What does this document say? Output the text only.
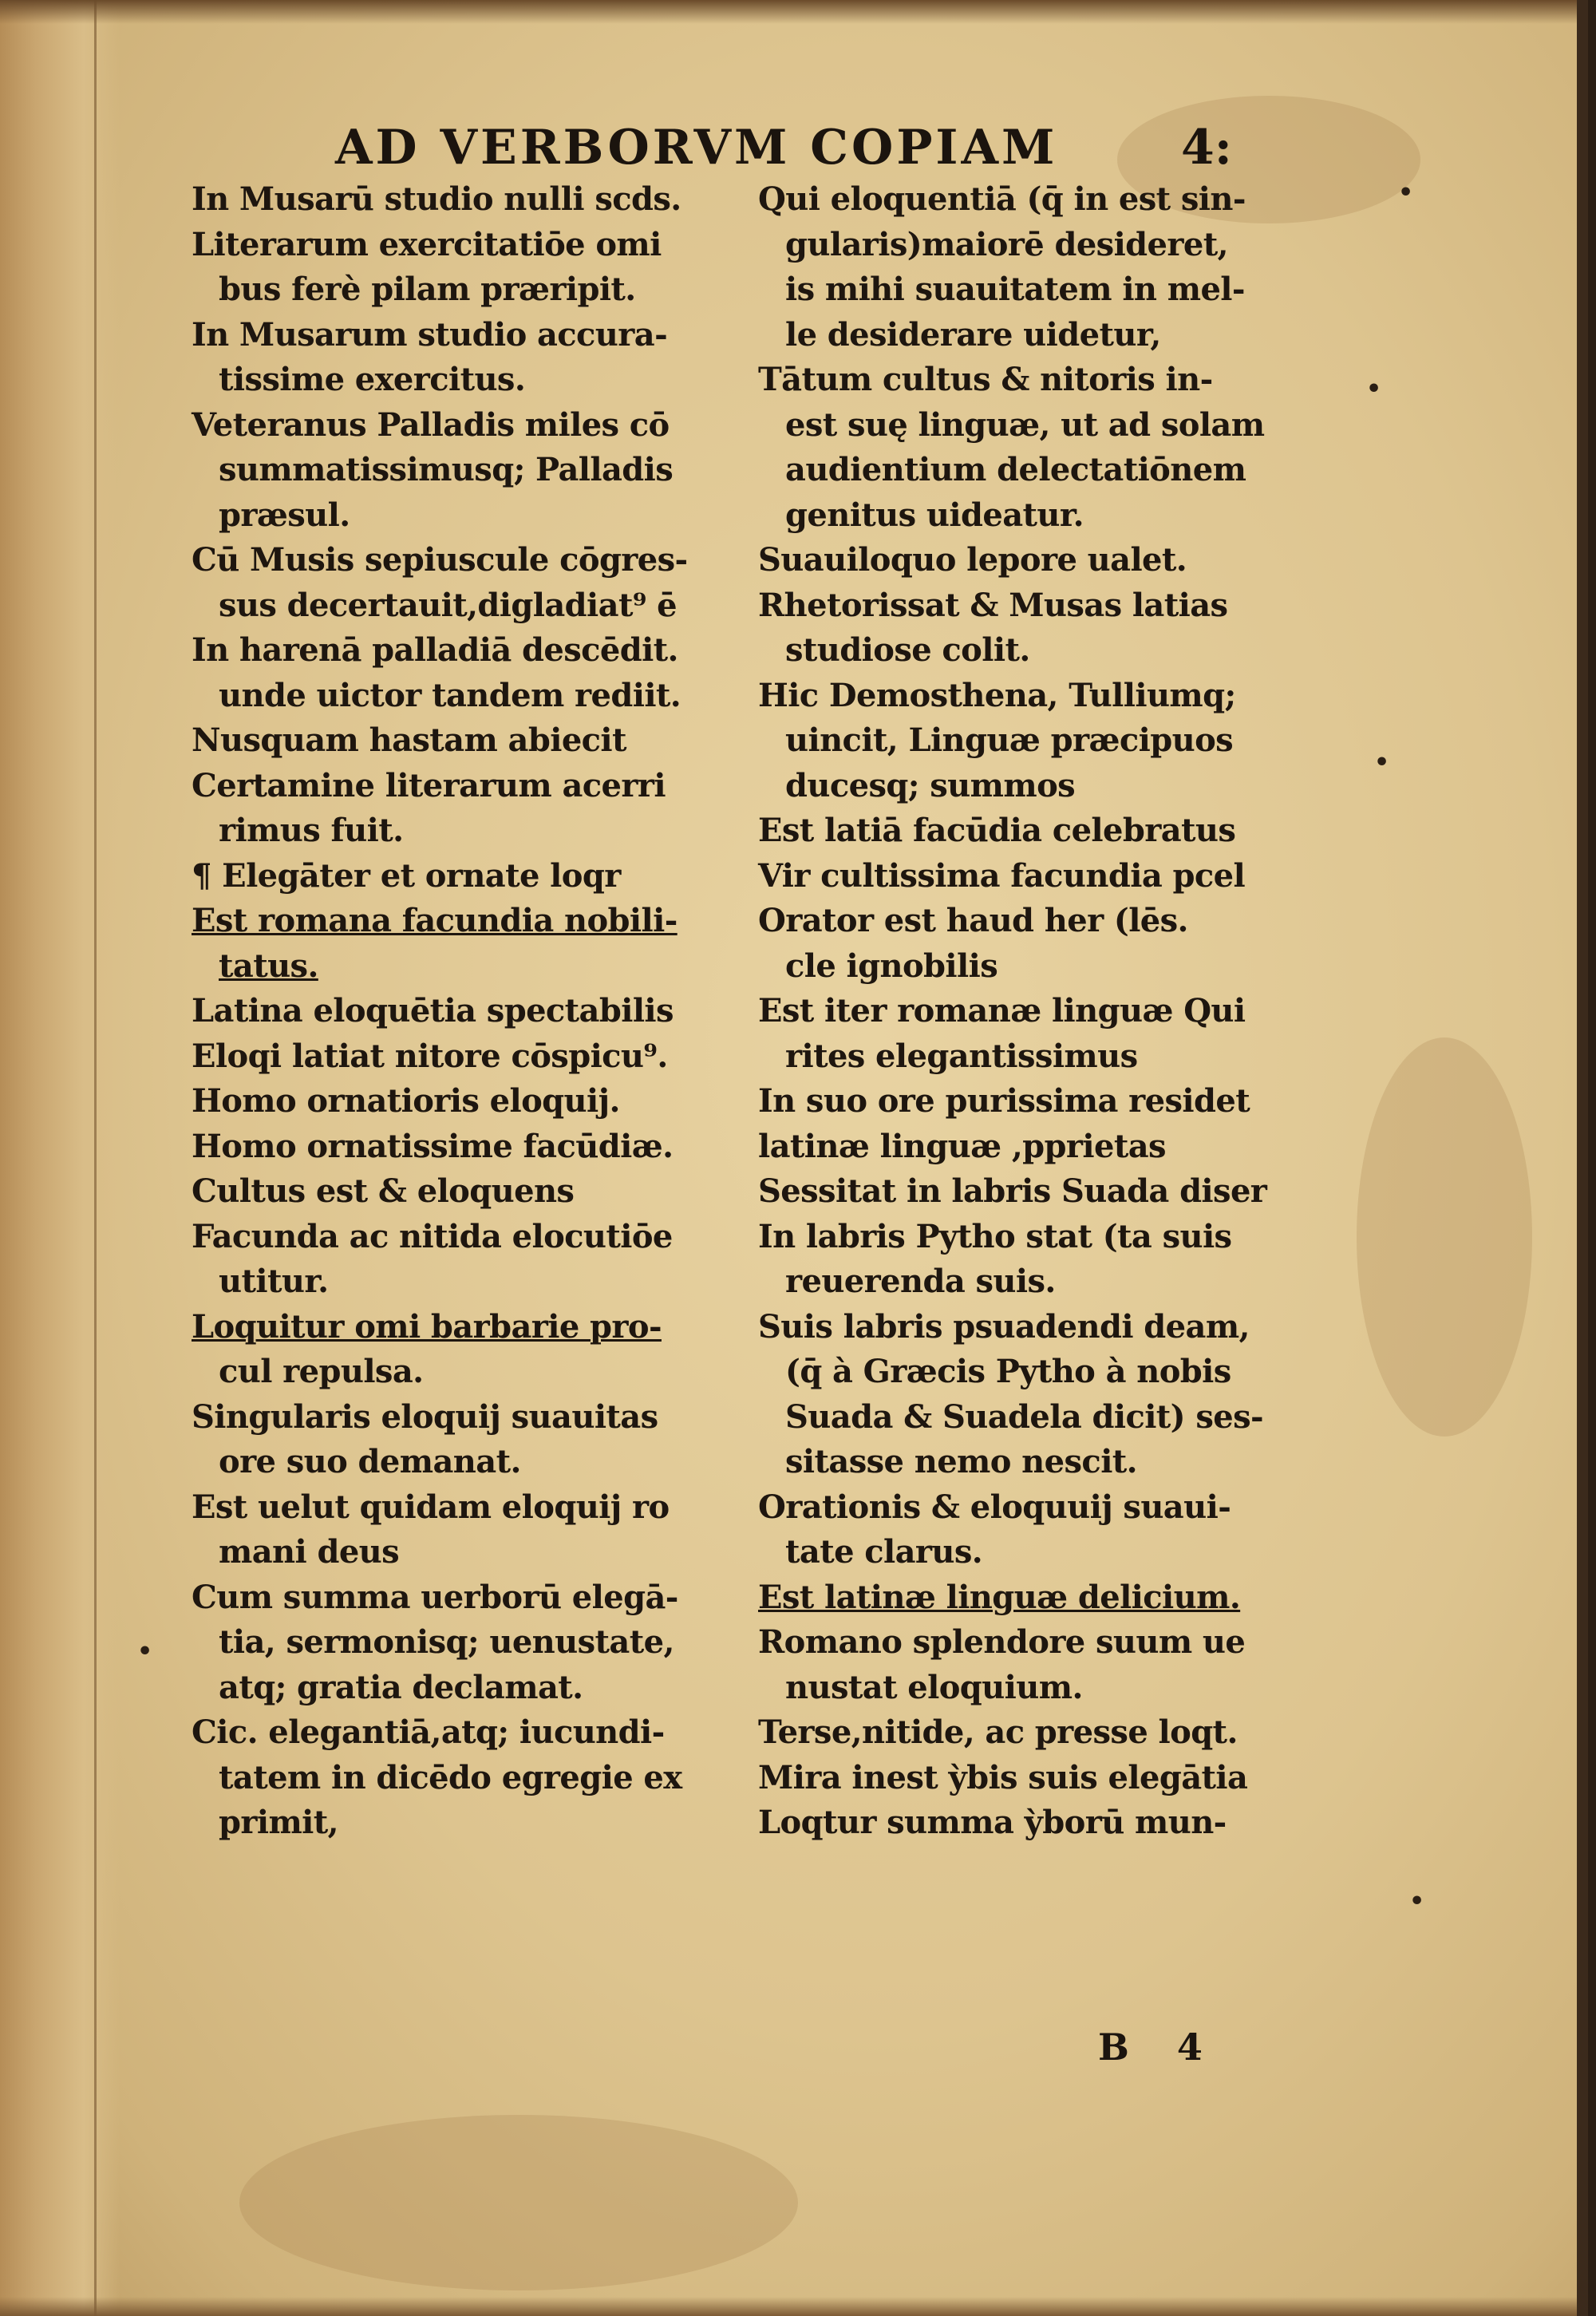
AD VERBORVM COPIAM	4:
In Musarū studio nulli scds.
Literarum exercitatiōe omi
bus ferè pilam præripit.
In Musarum studio accura-
tissime exercitus.
Veteranus Palladis miles cō
summatissimusq; Palladis
præsul.
Cū Musis sepiuscule cōgres-
sus decertauit,digladiat⁹ ē
In harenā palladiā descēdit.
unde uictor tandem rediit.
Nusquam hastam abiecit
Certamine literarum acerri
rimus fuit.
¶ Elegāter et ornate loqr
Est romana facundia nobili-
tatus.
Latina eloquētia spectabilis
Eloqi latiat nitore cōspicu⁹.
Homo ornatioris eloquij.
Homo ornatissime facūdiæ.
Cultus est & eloquens
Facunda ac nitida elocutiōe
utitur.
Loquitur omi barbarie pro-
cul repulsa.
Singularis eloquij suauitas
ore suo demanat.
Est uelut quidam eloquij ro
mani deus
Cum summa uerborū elegā-
tia, sermonisq; uenustate,
atq; gratia declamat.
Cic. elegantiā,atq; iucundi-
tatem in dicēdo egregie ex
primit,
Qui eloquentiā (q̄ in est sin-
gularis)maiorē desideret,
is mihi suauitatem in mel-
le desiderare uidetur,
Tātum cultus & nitoris in-
est suę linguæ, ut ad solam
audientium delectatiōnem
genitus uideatur.
Suauiloquo lepore ualet.
Rhetorissat & Musas latias
studiose colit.
Hic Demosthena, Tulliumq;
uincit, Linguæ præcipuos
ducesq; summos
Est latiā facūdia celebratus
Vir cultissima facundia pcel
Orator est haud her (lēs.
cle ignobilis
Est iter romanæ linguæ Qui
rites elegantissimus
In suo ore purissima residet
latinæ linguæ ,pprietas
Sessitat in labris Suada diser
In labris Pytho stat (ta suis
reuerenda suis.
Suis labris psuadendi deam,
(q̄ à Græcis Pytho à nobis
Suada & Suadela dicit) ses-
sitasse nemo nescit.
Orationis & eloquuij suaui-
tate clarus.
Est latinæ linguæ delicium.
Romano splendore suum ue
nustat eloquium.
Terse,nitide, ac presse loqt.
Mira inest ỳbis suis elegātia
Loqtur summa ỳborū mun-
B 4
•
•
•
•
•
